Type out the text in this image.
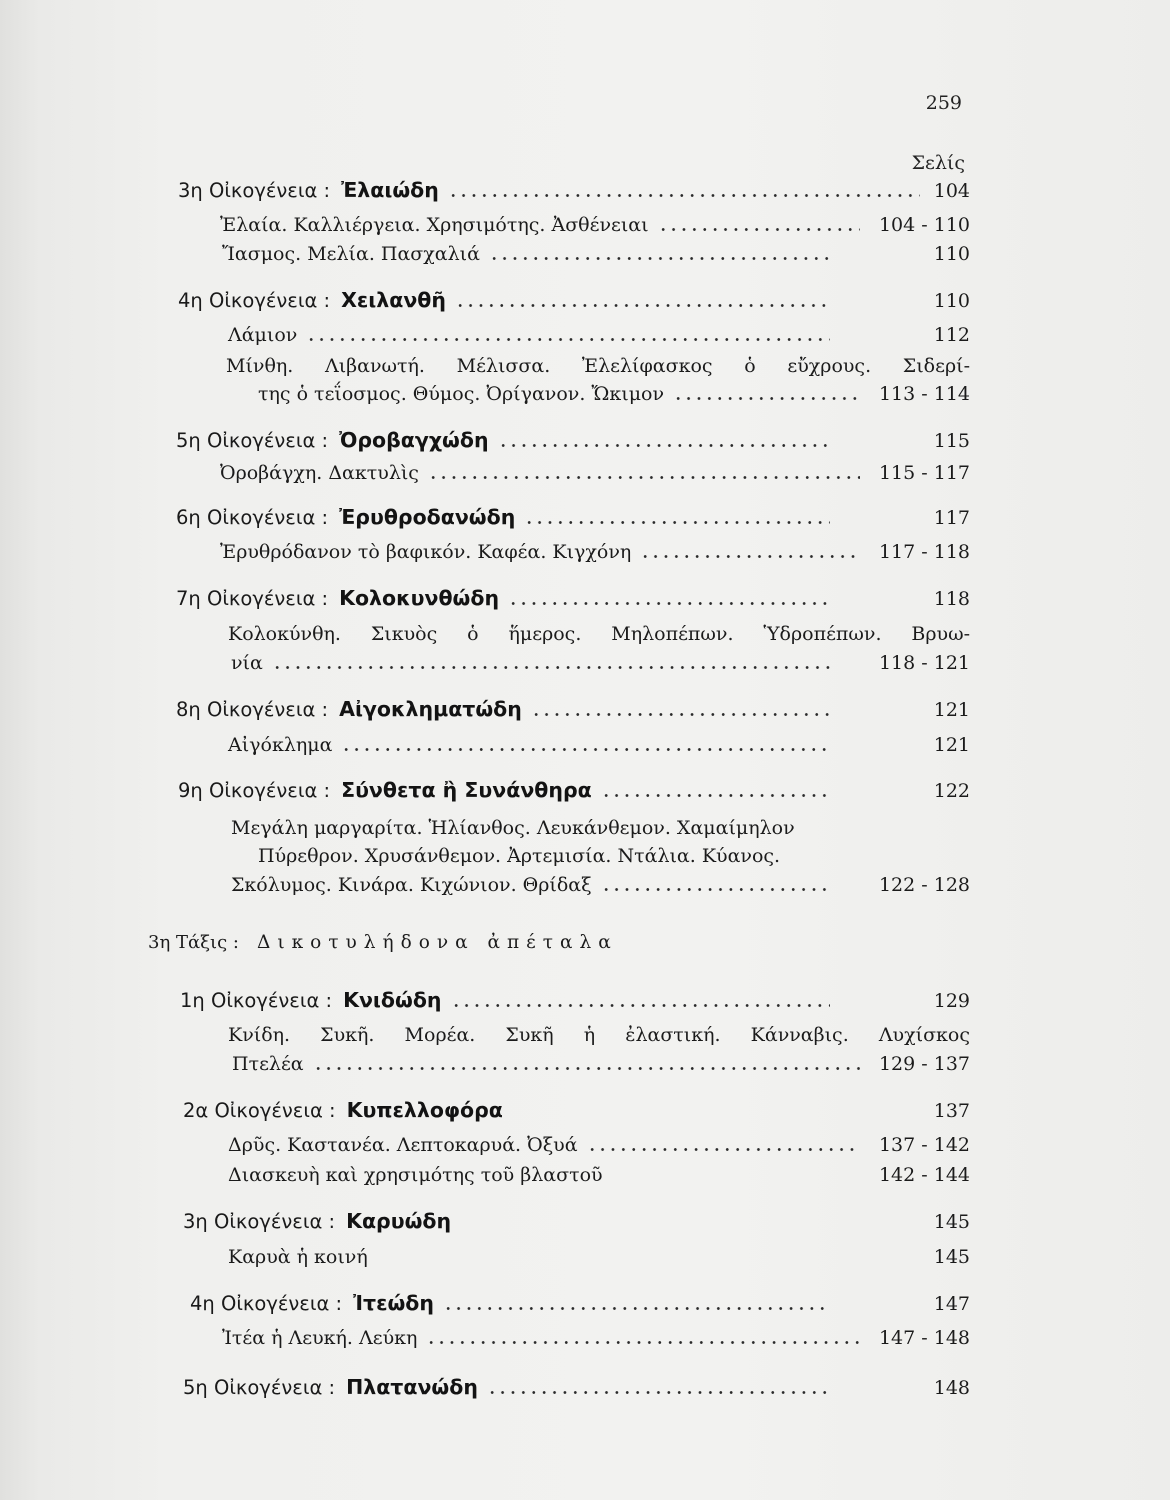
259
Σελίς
3η Οἰκογένεια : Ἐλαιώδη	104
Ἐλαία. Καλλιέργεια. Χρησιμότης. Ἀσθένειαι	104 - 110
Ἴασμος. Μελία. Πασχαλιά	110
4η Οἰκογένεια : Χειλανθῆ	110
Λάμιον	112
Μίνθη. Λιβανωτή. Μέλισσα. Ἐλελίφασκος ὁ εὔχρους. Σιδερί-
της ὁ τεΐοσμος. Θύμος. Ὀρίγανον. Ὤκιμον	113 - 114
5η Οἰκογένεια : Ὀροβαγχώδη	115
Ὀροβάγχη. Δακτυλὶς	115 - 117
6η Οἰκογένεια : Ἐρυθροδανώδη	117
Ἐρυθρόδανον τὸ βαφικόν. Καφέα. Κιγχόνη	117 - 118
7η Οἰκογένεια : Κολοκυνθώδη	118
Κολοκύνθη. Σικυὸς ὁ ἥμερος. Μηλοπέπων. Ὑδροπέπων. Βρυω-
νία	118 - 121
8η Οἰκογένεια : Αἰγοκληματώδη	121
Αἰγόκλημα	121
9η Οἰκογένεια : Σύνθετα ἢ Συνάνθηρα	122
Μεγάλη μαργαρίτα. Ἡλίανθος. Λευκάνθεμον. Χαμαίμηλον
Πύρεθρον. Χρυσάνθεμον. Ἀρτεμισία. Ντάλια. Κύανος.
Σκόλυμος. Κινάρα. Κιχώνιον. Θρίδαξ	122 - 128
3η Τάξις : Δικοτυλήδονα ἀπέταλα
1η Οἰκογένεια : Κνιδώδη	129
Κνίδη. Συκῆ. Μορέα. Συκῆ ἡ ἐλαστική. Κάνναβις. Λυχίσκος
Πτελέα	129 - 137
2α Οἰκογένεια : Κυπελλοφόρα	137
Δρῦς. Καστανέα. Λεπτοκαρυά. Ὀξυά	137 - 142
Διασκευὴ καὶ χρησιμότης τοῦ βλαστοῦ	142 - 144
3η Οἰκογένεια : Καρυώδη	145
Καρυὰ ἡ κοινή	145
4η Οἰκογένεια : Ἰτεώδη	147
Ἰτέα ἡ Λευκή. Λεύκη	147 - 148
5η Οἰκογένεια : Πλατανώδη	148
